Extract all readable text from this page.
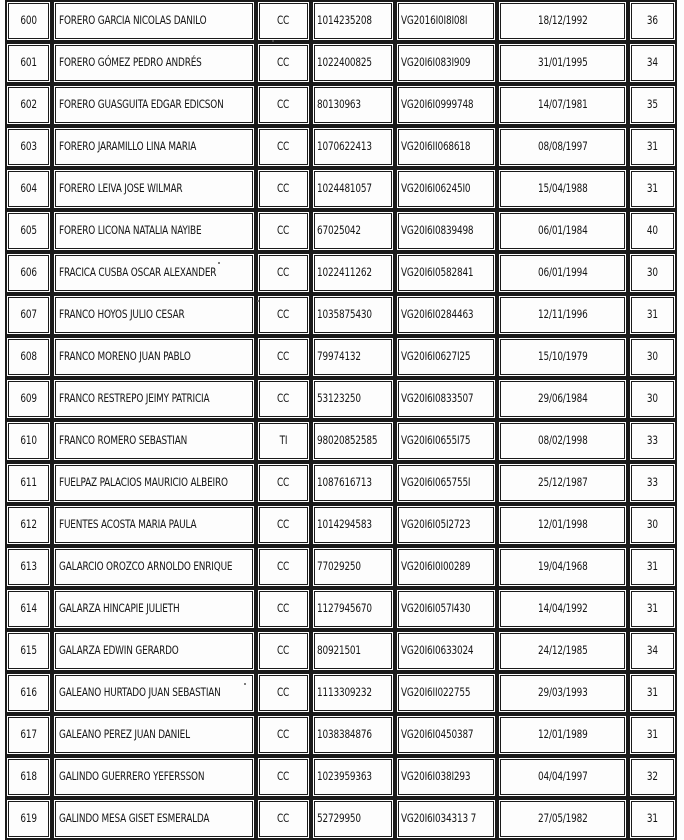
600	FORERO GARCIA NICOLAS DANILO	CC	1014235208	VG2016I0I8I08I	18/12/1992	36
601	FORERO GÓMEZ PEDRO ANDRÉS	CC	1022400825	VG20I6I083I909	31/01/1995	34
602	FORERO GUASGUITA EDGAR EDICSON	CC	80130963	VG20I6I0999748	14/07/1981	35
603	FORERO JARAMILLO LINA MARIA	CC	1070622413	VG20I6II068618	08/08/1997	31
604	FORERO LEIVA JOSE WILMAR	CC	1024481057	VG20I6I06245I0	15/04/1988	31
605	FORERO LICONA NATALIA NAYIBE	CC	67025042	VG20I6I0839498	06/01/1984	40
606	FRACICA CUSBA OSCAR ALEXANDER	CC	1022411262	VG20I6I0582841	06/01/1994	30
607	FRANCO HOYOS JULIO CESAR	CC	1035875430	VG20I6I0284463	12/11/1996	31
608	FRANCO MORENO JUAN PABLO	CC	79974132	VG20I6I0627I25	15/10/1979	30
609	FRANCO RESTREPO JEIMY PATRICIA	CC	53123250	VG20I6I0833507	29/06/1984	30
610	FRANCO ROMERO SEBASTIAN	TI	98020852585	VG20I6I0655I75	08/02/1998	33
611	FUELPAZ PALACIOS MAURICIO ALBEIRO	CC	1087616713	VG20I6I065755I	25/12/1987	33
612	FUENTES ACOSTA MARIA PAULA	CC	1014294583	VG20I6I05I2723	12/01/1998	30
613	GALARCIO OROZCO ARNOLDO ENRIQUE	CC	77029250	VG20I6I0I00289	19/04/1968	31
614	GALARZA HINCAPIE JULIETH	CC	1127945670	VG20I6I057I430	14/04/1992	31
615	GALARZA EDWIN GERARDO	CC	80921501	VG20I6I0633024	24/12/1985	34
616	GALEANO HURTADO JUAN SEBASTIAN	CC	1113309232	VG20I6II022755	29/03/1993	31
617	GALEANO PEREZ JUAN DANIEL	CC	1038384876	VG20I6I0450387	12/01/1989	31
618	GALINDO GUERRERO YEFERSSON	CC	1023959363	VG20I6I038I293	04/04/1997	32
619	GALINDO MESA GISET ESMERALDA	CC	52729950	VG20I6I034313 7	27/05/1982	31
